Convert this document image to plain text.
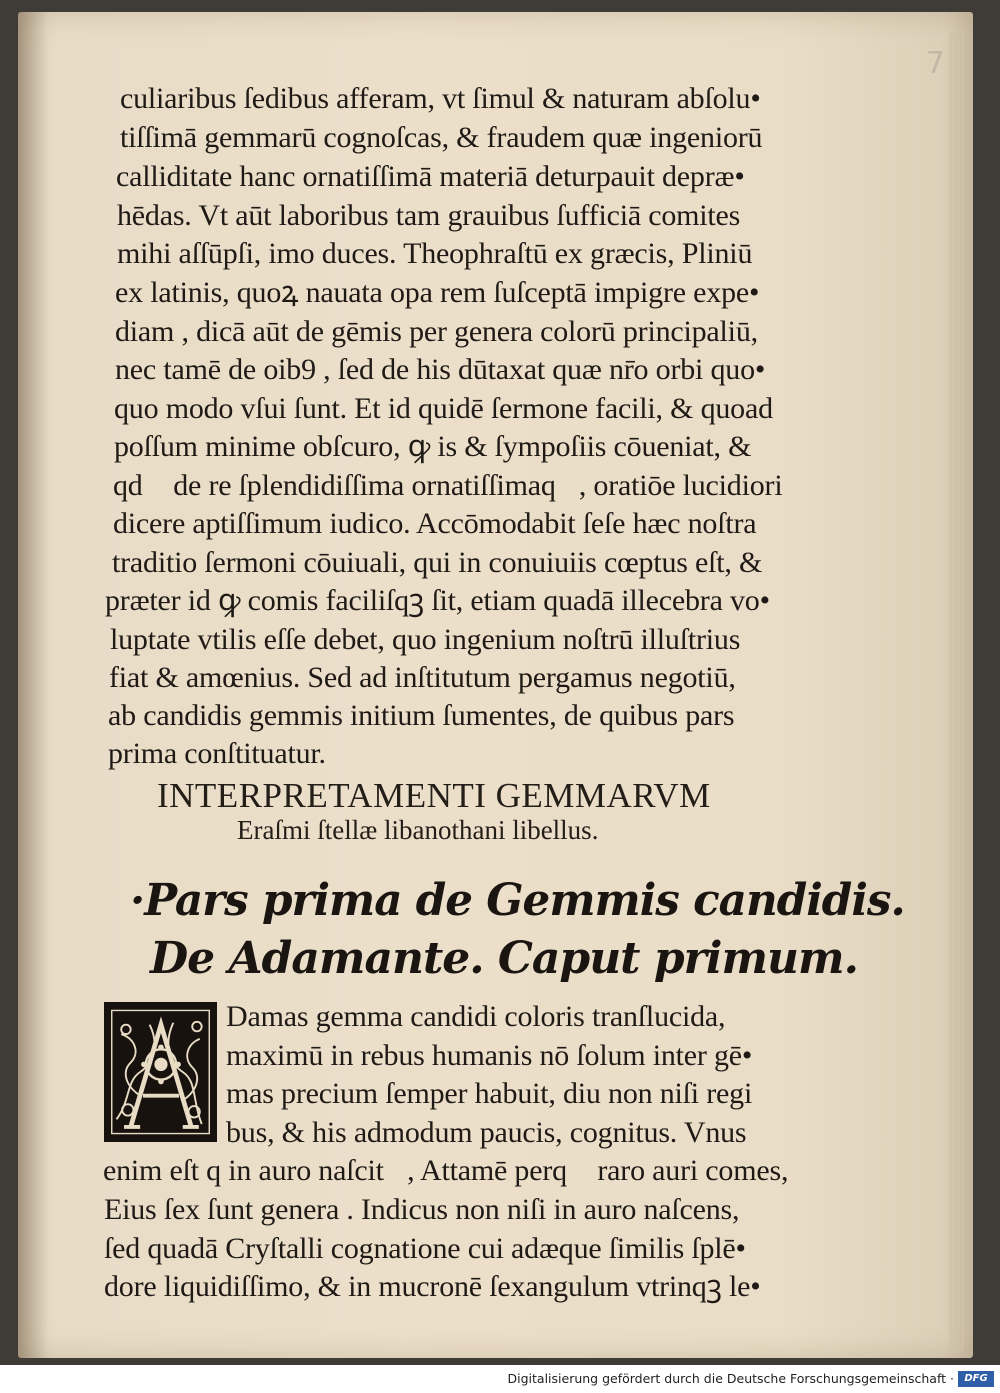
7
culiaribus ſedibus afferam, vt ſimul & naturam abſolu•
tiſſimā gemmarū cognoſcas, & fraudem quæ ingeniorū
calliditate hanc ornatiſſimā materiā deturpauit depræ•
hēdas. Vt aūt laboribus tam grauibus ſufficiā comites
mihi aſſūpſi, imo duces. Theophraſtū ex græcis, Pliniū
ex latinis, quoꝝ nauata opa rem ſuſceptā impigre expe•
diam , dicā aūt de gēmis per genera colorū principaliū,
nec tamē de oib9 , ſed de his dūtaxat quæ nr̄o orbi quo•
quo modo vſui ſunt. Et id quidē ſermone facili, & quoad
poſſum minime obſcuro, ꝙ is & ſympoſiis cōueniat, &
qd᷑ de re ſplendidiſſima ornatiſſimaqꝫ, oratiōe lucidiori
dicere aptiſſimum iudico. Accōmodabit ſeſe hæc noſtra
traditio ſermoni cōuiuali, qui in conuiuiis cœptus eſt, &
præter id ꝙ comis faciliſqꝫ ſit, etiam quadā illecebra vo•
luptate vtilis eſſe debet, quo ingenium noſtrū illuſtrius
fiat & amœnius. Sed ad inſtitutum pergamus negotiū,
ab candidis gemmis initium ſumentes, de quibus pars
prima conſtituatur.
INTERPRETAMENTI GEMMARVM
Eraſmi ſtellæ libanothani libellus.
·Pars prima de Gemmis candidis.
De Adamante. Caput primum.
Damas gemma candidi coloris tranſlucida,
maximū in rebus humanis nō ſolum inter gē•
mas precium ſemper habuit, diu non niſi regi
bus, & his admodum paucis, cognitus. Vnus
enim eſt q in auro naſcit᷑, Attamē perqꝫ raro auri comes,
Eius ſex ſunt genera . Indicus non niſi in auro naſcens,
ſed quadā Cryſtalli cognatione cui adæque ſimilis ſplē•
dore liquidiſſimo, & in mucronē ſexangulum vtrinqꝫ le•
Digitalisierung gefördert durch die Deutsche Forschungsgemeinschaft ·	DFG
